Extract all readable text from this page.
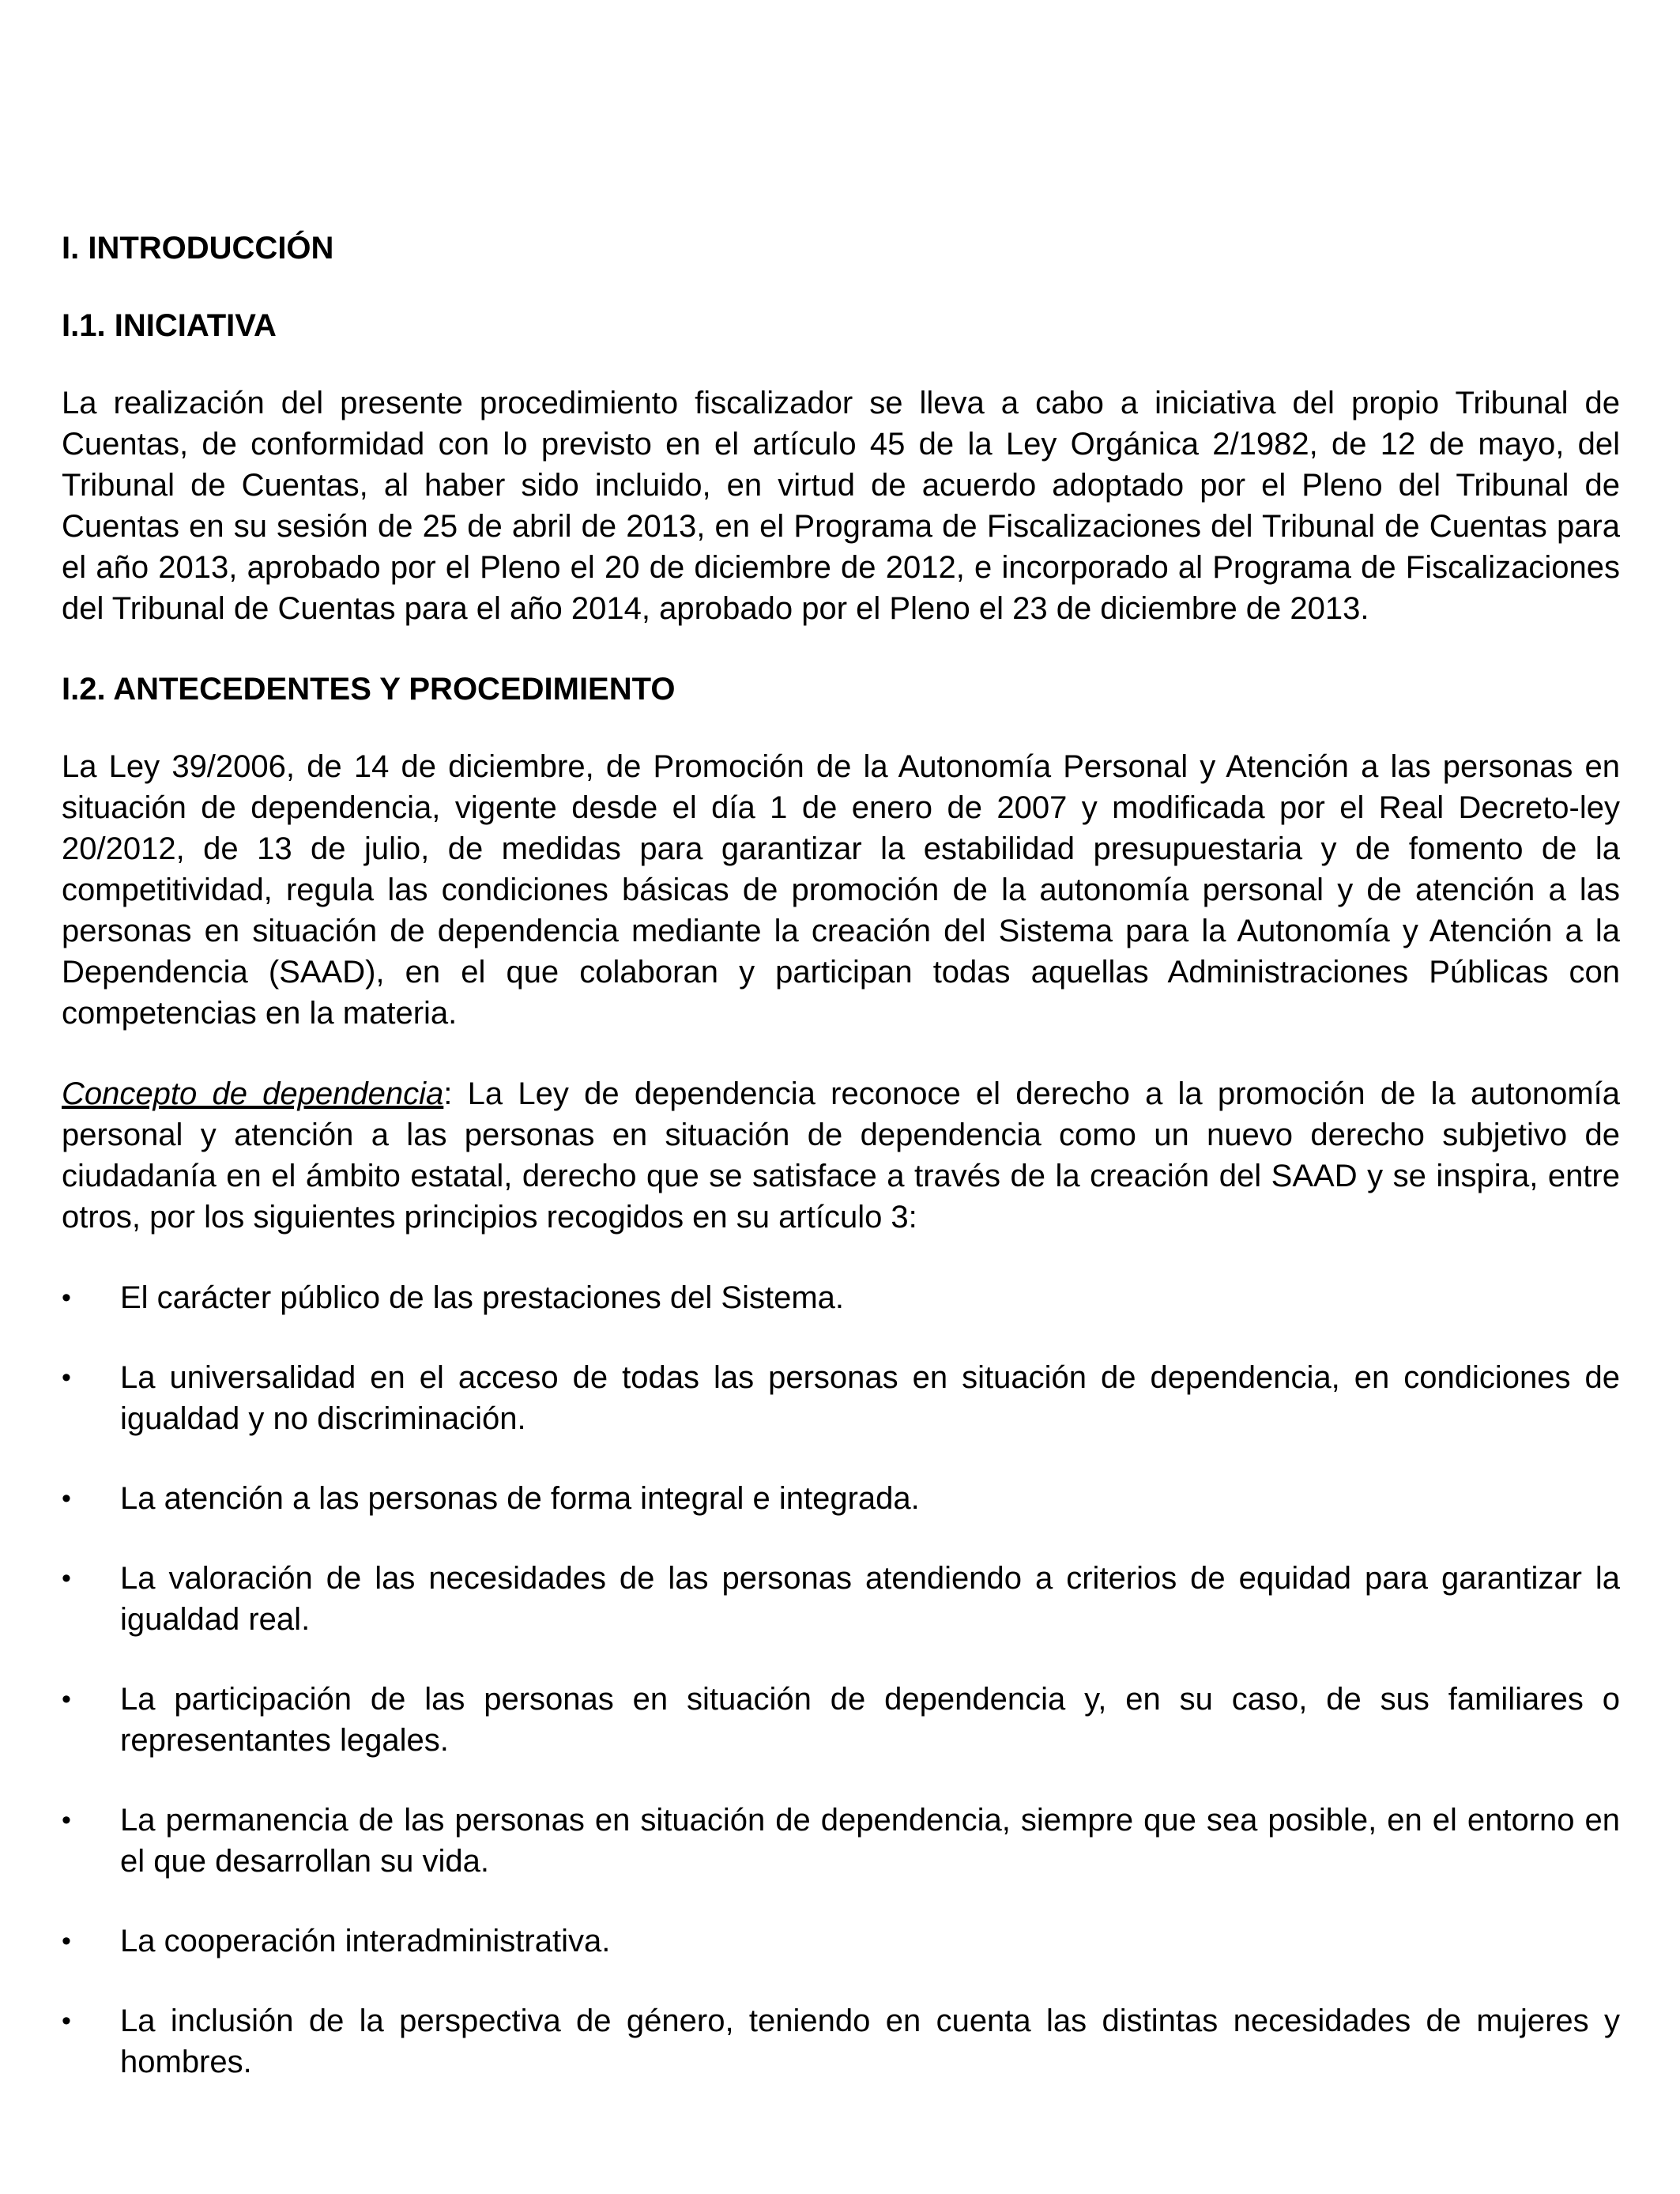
I. INTRODUCCIÓN
I.1. INICIATIVA

La realización del presente procedimiento fiscalizador se lleva a cabo a iniciativa del propio Tribunal de Cuentas, de conformidad con lo previsto en el artículo 45 de la Ley Orgánica 2/1982, de 12 de mayo, del Tribunal de Cuentas, al haber sido incluido, en virtud de acuerdo adoptado por el Pleno del Tribunal de Cuentas en su sesión de 25 de abril de 2013, en el Programa de Fiscalizaciones del Tribunal de Cuentas para el año 2013, aprobado por el Pleno el 20 de diciembre de 2012, e incorporado al Programa de Fiscalizaciones del Tribunal de Cuentas para el año 2014, aprobado por el Pleno el 23 de diciembre de 2013.

I.2. ANTECEDENTES Y PROCEDIMIENTO

La Ley 39/2006, de 14 de diciembre, de Promoción de la Autonomía Personal y Atención a las personas en situación de dependencia, vigente desde el día 1 de enero de 2007 y modificada por el Real Decreto-ley 20/2012, de 13 de julio, de medidas para garantizar la estabilidad presupuestaria y de fomento de la competitividad, regula las condiciones básicas de promoción de la autonomía personal y de atención a las personas en situación de dependencia mediante la creación del Sistema para la Autonomía y Atención a la Dependencia (SAAD), en el que colaboran y participan todas aquellas Administraciones Públicas con competencias en la materia.

Concepto de dependencia: La Ley de dependencia reconoce el derecho a la promoción de la autonomía personal y atención a las personas en situación de dependencia como un nuevo derecho subjetivo de ciudadanía en el ámbito estatal, derecho que se satisface a través de la creación del SAAD y se inspira, entre otros, por los siguientes principios recogidos en su artículo 3:

•	El carácter público de las prestaciones del Sistema.
•	La universalidad en el acceso de todas las personas en situación de dependencia, en condiciones de igualdad y no discriminación.
•	La atención a las personas de forma integral e integrada.
•	La valoración de las necesidades de las personas atendiendo a criterios de equidad para garantizar la igualdad real.
•	La participación de las personas en situación de dependencia y, en su caso, de sus familiares o representantes legales.
•	La permanencia de las personas en situación de dependencia, siempre que sea posible, en el entorno en el que desarrollan su vida.
•	La cooperación interadministrativa.
•	La inclusión de la perspectiva de género, teniendo en cuenta las distintas necesidades de mujeres y hombres.
